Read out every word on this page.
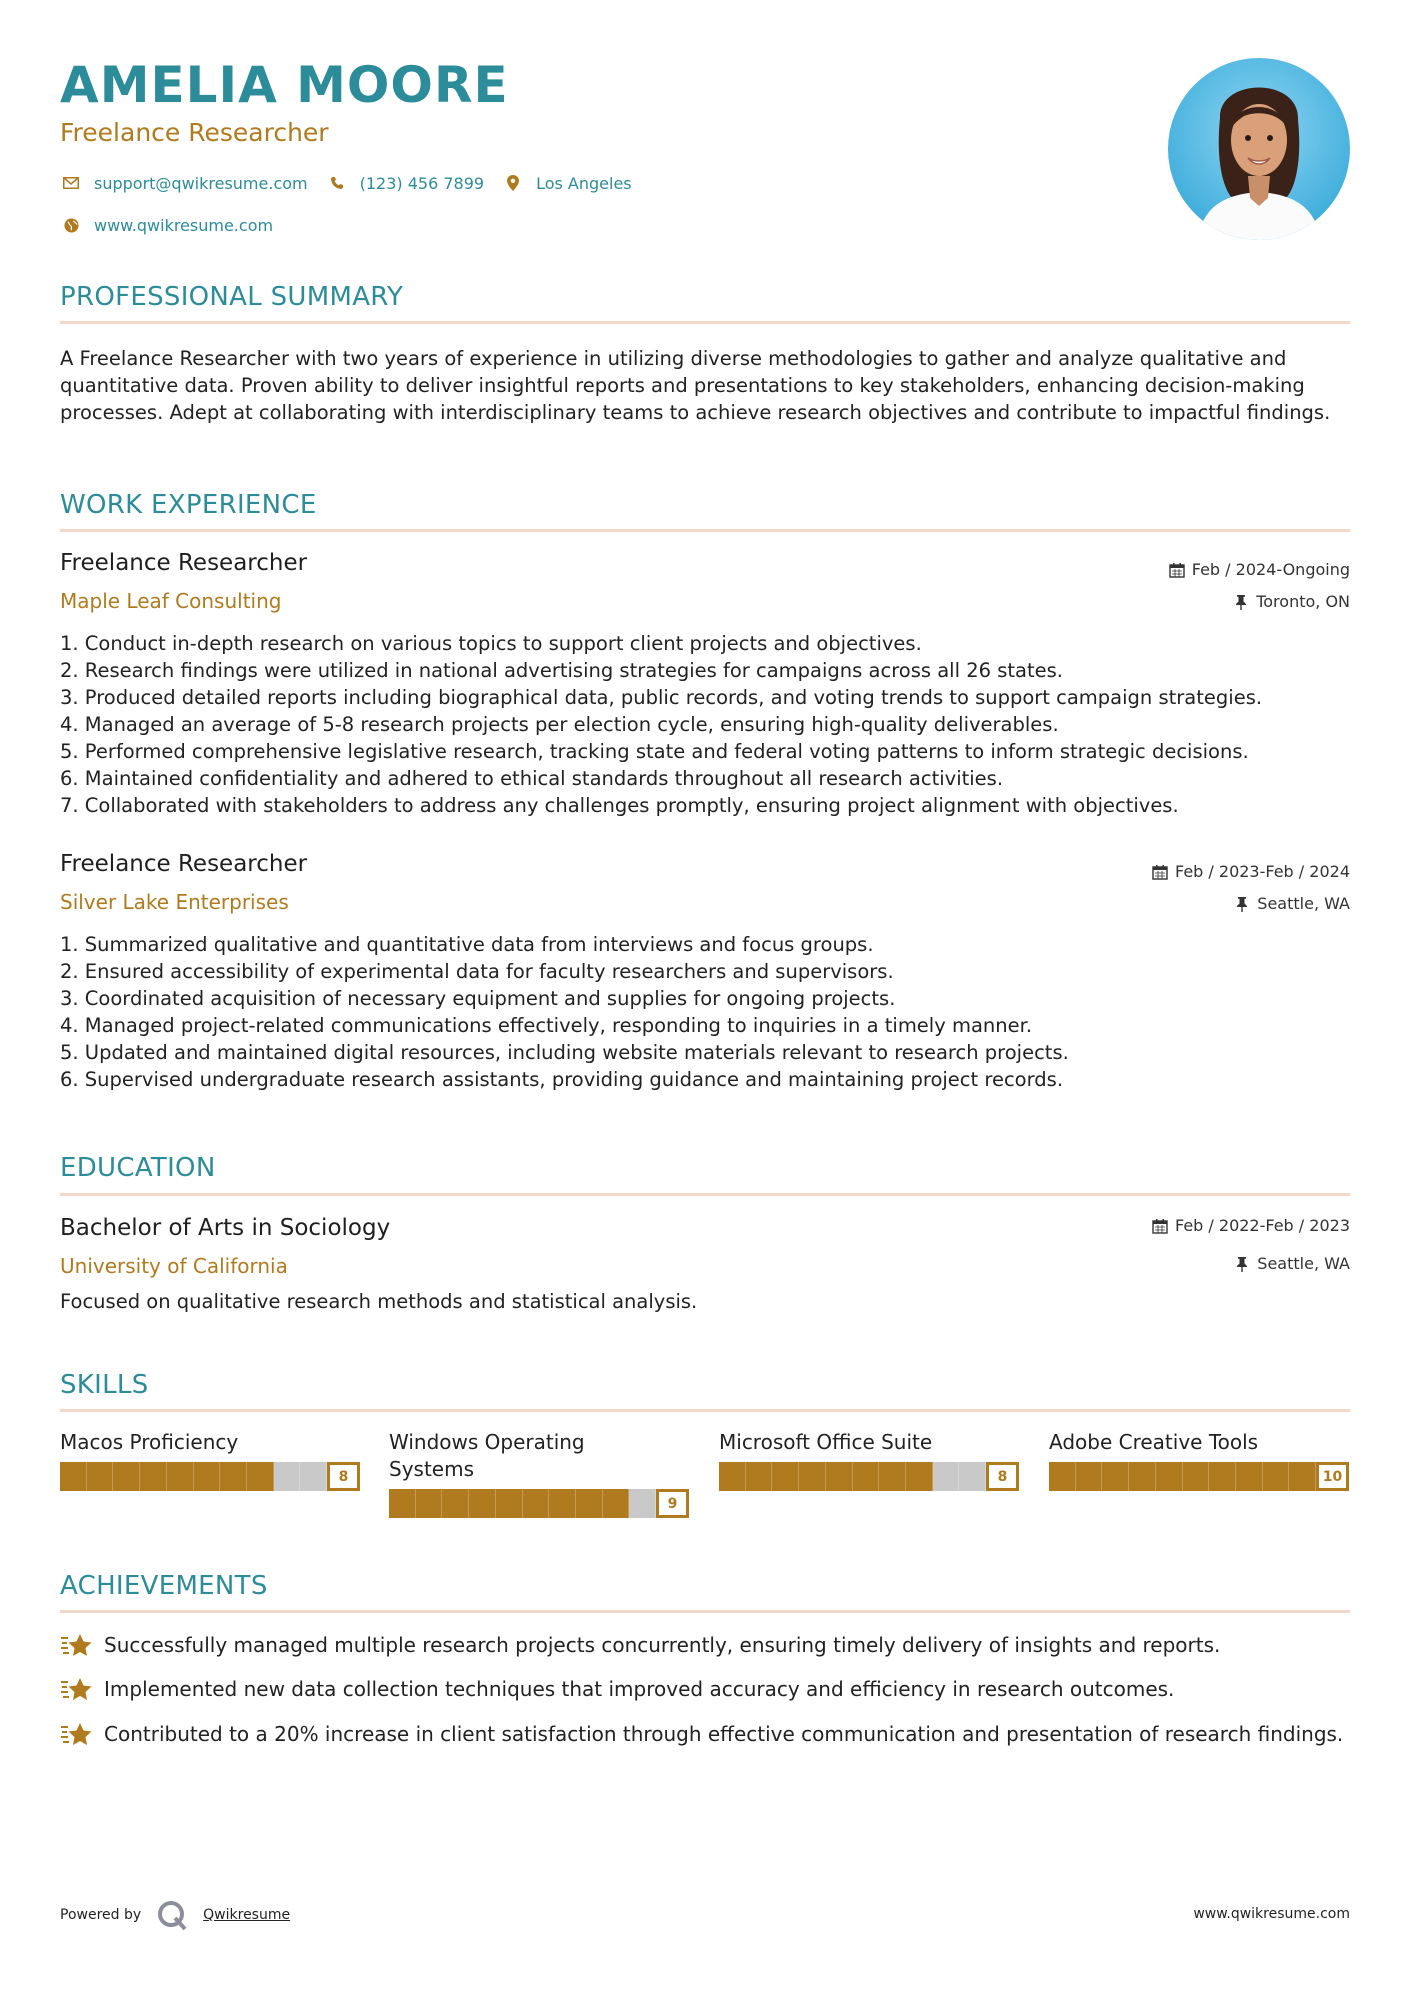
AMELIA MOORE
Freelance Researcher
support@qwikresume.com	(123) 456 7899	Los Angeles
www.qwikresume.com
PROFESSIONAL SUMMARY
A Freelance Researcher with two years of experience in utilizing diverse methodologies to gather and analyze qualitative and quantitative data. Proven ability to deliver insightful reports and presentations to key stakeholders, enhancing decision-making processes. Adept at collaborating with interdisciplinary teams to achieve research objectives and contribute to impactful findings.
WORK EXPERIENCE
Freelance Researcher
Maple Leaf Consulting
Feb / 2024-Ongoing
Toronto, ON
1. Conduct in-depth research on various topics to support client projects and objectives.
2. Research findings were utilized in national advertising strategies for campaigns across all 26 states.
3. Produced detailed reports including biographical data, public records, and voting trends to support campaign strategies.
4. Managed an average of 5-8 research projects per election cycle, ensuring high-quality deliverables.
5. Performed comprehensive legislative research, tracking state and federal voting patterns to inform strategic decisions.
6. Maintained confidentiality and adhered to ethical standards throughout all research activities.
7. Collaborated with stakeholders to address any challenges promptly, ensuring project alignment with objectives.
Freelance Researcher
Silver Lake Enterprises
Feb / 2023-Feb / 2024
Seattle, WA
1. Summarized qualitative and quantitative data from interviews and focus groups.
2. Ensured accessibility of experimental data for faculty researchers and supervisors.
3. Coordinated acquisition of necessary equipment and supplies for ongoing projects.
4. Managed project-related communications effectively, responding to inquiries in a timely manner.
5. Updated and maintained digital resources, including website materials relevant to research projects.
6. Supervised undergraduate research assistants, providing guidance and maintaining project records.
EDUCATION
Bachelor of Arts in Sociology
University of California
Feb / 2022-Feb / 2023
Seattle, WA
Focused on qualitative research methods and statistical analysis.
SKILLS
Macos Proficiency
8
Windows Operating Systems
9
Microsoft Office Suite
8
Adobe Creative Tools
10
ACHIEVEMENTS
Successfully managed multiple research projects concurrently, ensuring timely delivery of insights and reports.
Implemented new data collection techniques that improved accuracy and efficiency in research outcomes.
Contributed to a 20% increase in client satisfaction through effective communication and presentation of research findings.
Powered by	Qwikresume	www.qwikresume.com
